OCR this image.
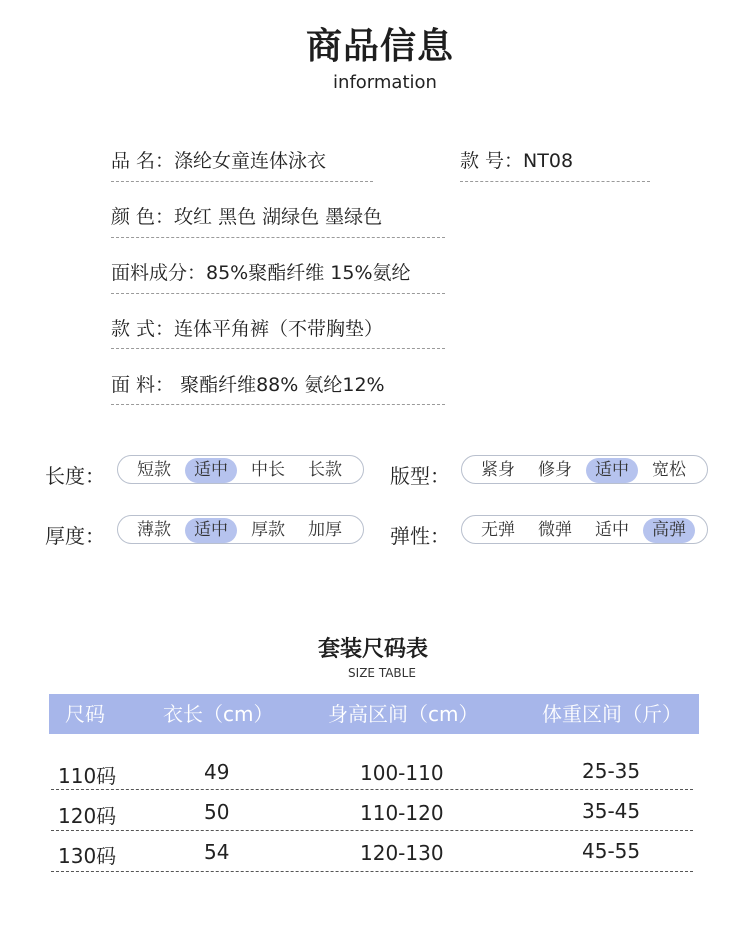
商品信息
information
品 名：涤纶女童连体泳衣	款 号：NT08
颜 色：玫红 黑色 湖绿色 墨绿色
面料成分：85%聚酯纤维 15%氨纶
款 式：连体平角裤（不带胸垫）
面 料： 聚酯纤维88% 氨纶12%
长度：	短款	适中	中长	长款	版型：	紧身	修身	适中	宽松
厚度：	薄款	适中	厚款	加厚	弹性：	无弹	微弹	适中	高弹
套装尺码表
SIZE TABLE
尺码	衣长（cm）	身高区间（cm）	体重区间（斤）
110码	49	100-110	25-35
120码	50	110-120	35-45
130码	54	120-130	45-55
